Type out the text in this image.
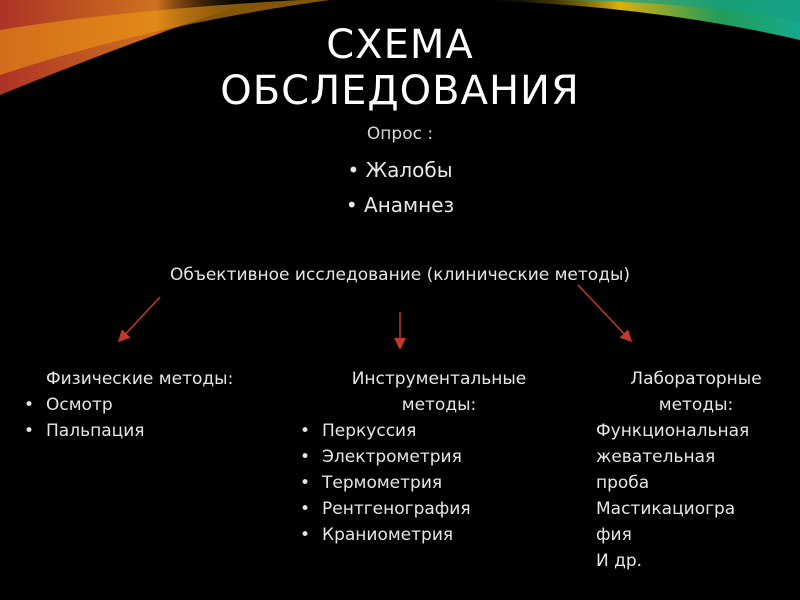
СХЕМА
ОБСЛЕДОВАНИЯ
Опрос :
• Жалобы
• Анамнез
Объективное исследование (клинические методы)
Физические методы:
• Осмотр
• Пальпация
Инструментальные
методы:
• Перкуссия
• Электрометрия
• Термометрия
• Рентгенография
• Краниометрия
Лабораторные
методы:
Функциональная
жевательная
проба
Мастикациогра
фия
И др.
